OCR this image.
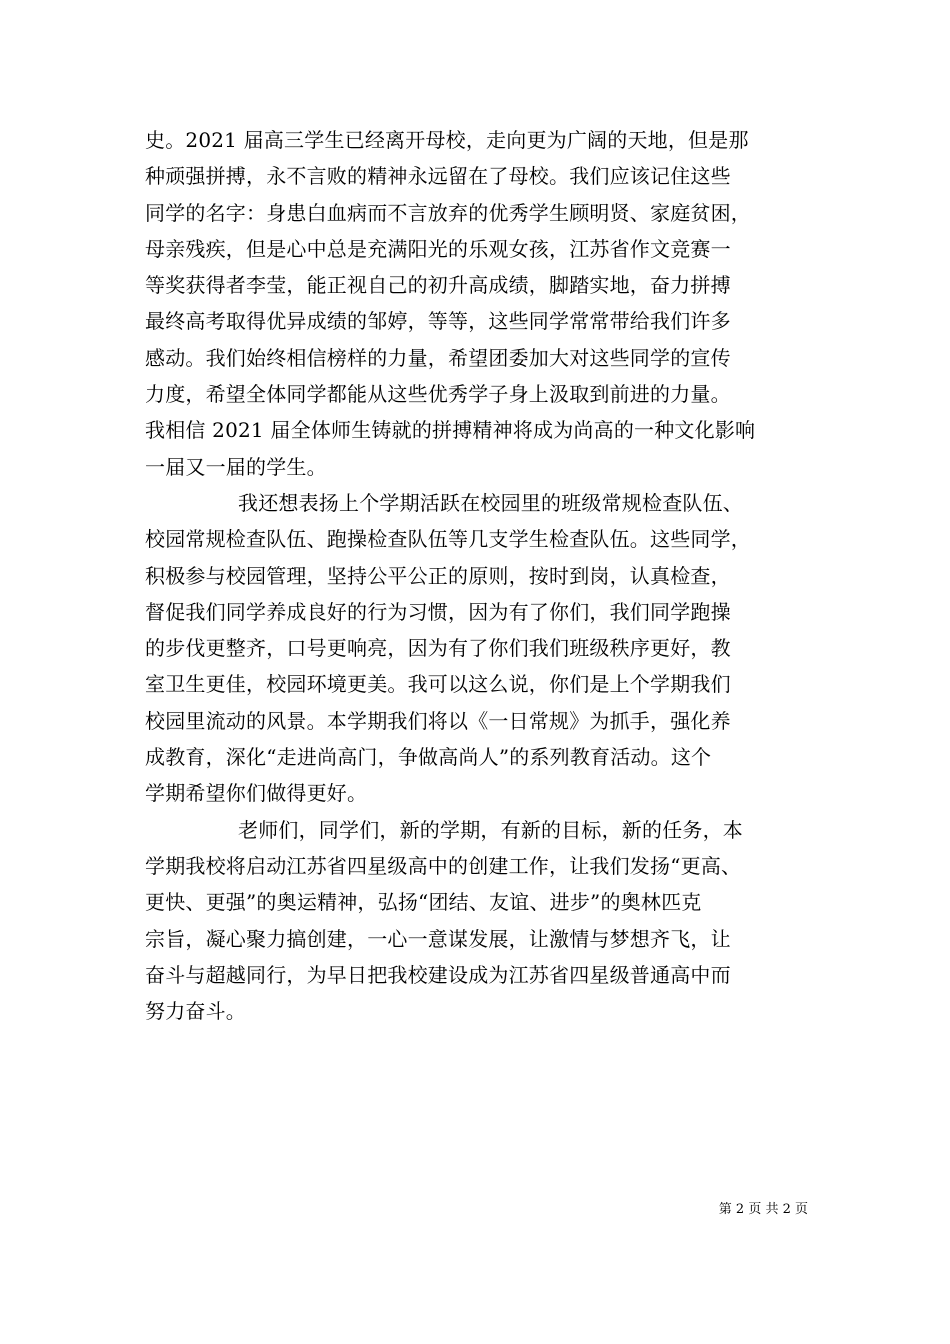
史。2021 届高三学生已经离开母校，走向更为广阔的天地，但是那
种顽强拼搏，永不言败的精神永远留在了母校。我们应该记住这些
同学的名字：身患白血病而不言放弃的优秀学生顾明贤、家庭贫困，
母亲残疾，但是心中总是充满阳光的乐观女孩，江苏省作文竞赛一
等奖获得者李莹，能正视自己的初升高成绩，脚踏实地，奋力拼搏
最终高考取得优异成绩的邹婷，等等，这些同学常常带给我们许多
感动。我们始终相信榜样的力量，希望团委加大对这些同学的宣传
力度，希望全体同学都能从这些优秀学子身上汲取到前进的力量。
我相信 2021 届全体师生铸就的拼搏精神将成为尚高的一种文化影响
一届又一届的学生。
我还想表扬上个学期活跃在校园里的班级常规检查队伍、
校园常规检查队伍、跑操检查队伍等几支学生检查队伍。这些同学，
积极参与校园管理，坚持公平公正的原则，按时到岗，认真检查，
督促我们同学养成良好的行为习惯，因为有了你们，我们同学跑操
的步伐更整齐，口号更响亮，因为有了你们我们班级秩序更好，教
室卫生更佳，校园环境更美。我可以这么说，你们是上个学期我们
校园里流动的风景。本学期我们将以《一日常规》为抓手，强化养
成教育，深化“走进尚高门，争做高尚人”的系列教育活动。这个
学期希望你们做得更好。
老师们，同学们，新的学期，有新的目标，新的任务，本
学期我校将启动江苏省四星级高中的创建工作，让我们发扬“更高、
更快、更强”的奥运精神，弘扬“团结、友谊、进步”的奥林匹克
宗旨，凝心聚力搞创建，一心一意谋发展，让激情与梦想齐飞，让
奋斗与超越同行，为早日把我校建设成为江苏省四星级普通高中而
努力奋斗。
第 2 页 共 2 页
